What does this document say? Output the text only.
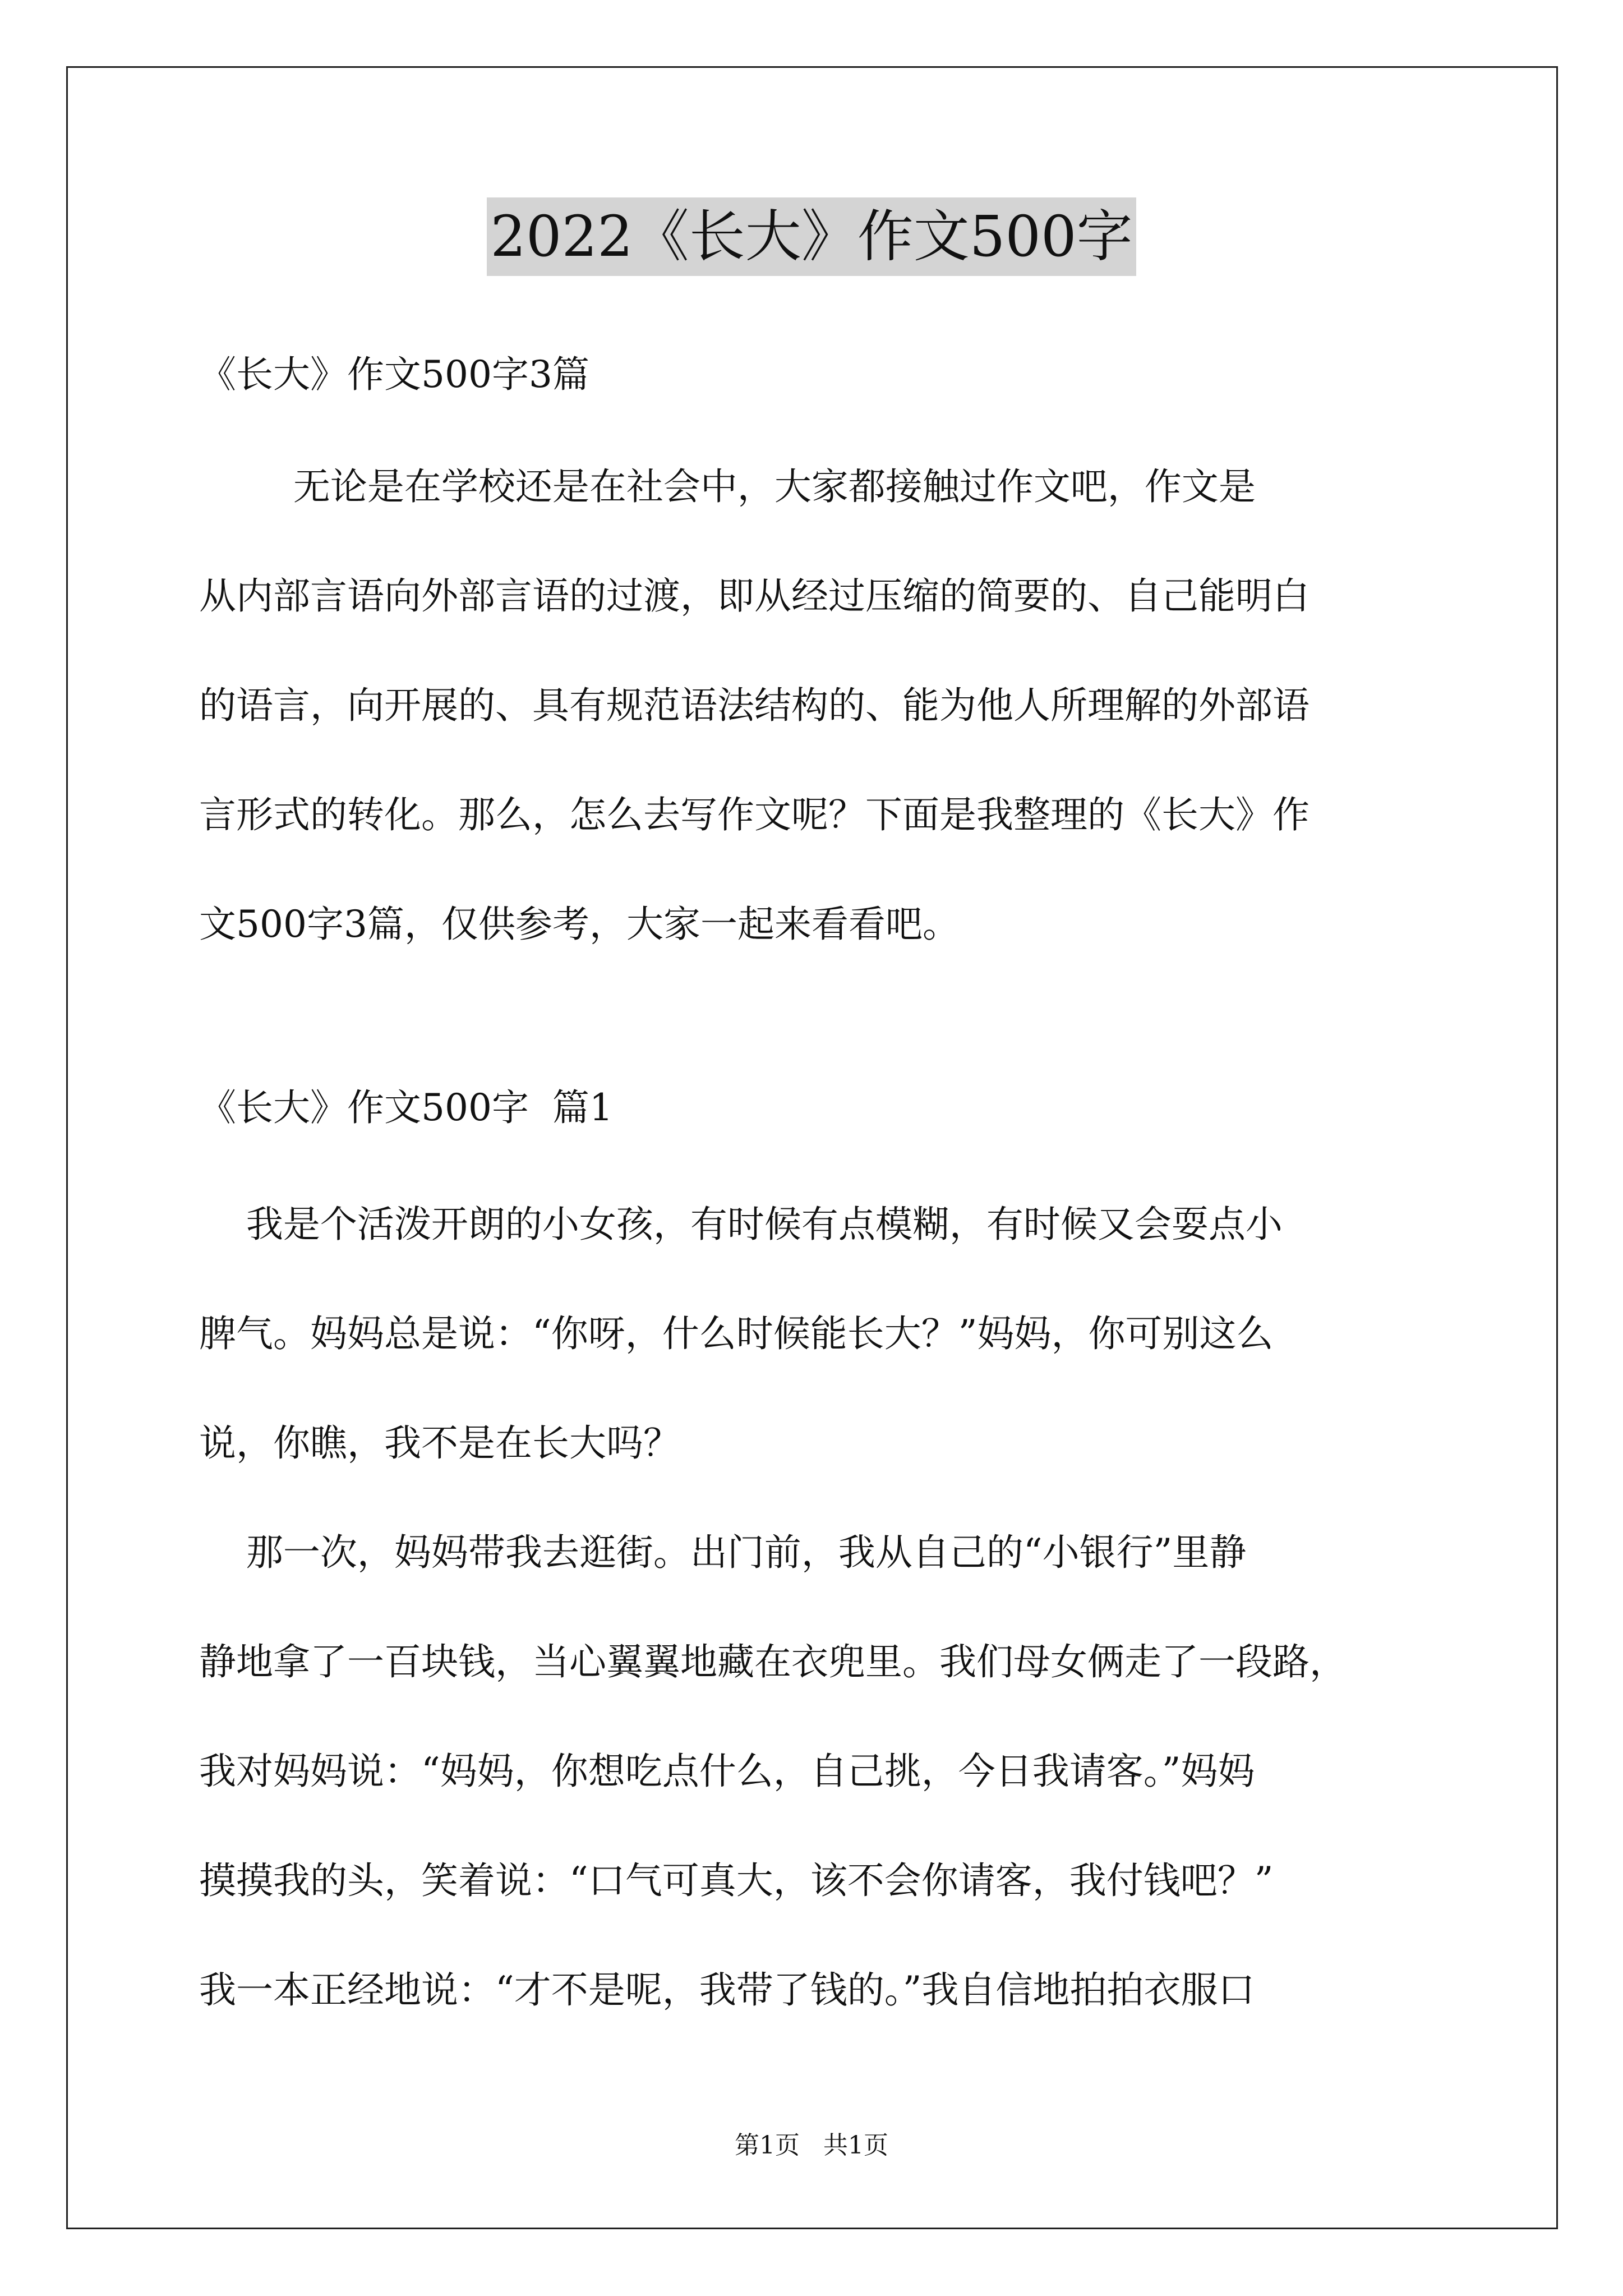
2022《长大》作文500字

《长大》作文500字3篇

无论是在学校还是在社会中，大家都接触过作文吧，作文是

从内部言语向外部言语的过渡，即从经过压缩的简要的、自己能明白

的语言，向开展的、具有规范语法结构的、能为他人所理解的外部语

言形式的转化。那么，怎么去写作文呢？下面是我整理的《长大》作

文500字3篇，仅供参考，大家一起来看看吧。

《长大》作文500字  篇1

我是个活泼开朗的小女孩，有时候有点模糊，有时候又会耍点小

脾气。妈妈总是说：“你呀，什么时候能长大？”妈妈，你可别这么

说，你瞧，我不是在长大吗？

那一次，妈妈带我去逛街。出门前，我从自己的“小银行”里静

静地拿了一百块钱，当心翼翼地藏在衣兜里。我们母女俩走了一段路，

我对妈妈说：“妈妈，你想吃点什么，自己挑，今日我请客。”妈妈

摸摸我的头，笑着说：“口气可真大，该不会你请客，我付钱吧？”

我一本正经地说：“才不是呢，我带了钱的。”我自信地拍拍衣服口

第1页   共1页
